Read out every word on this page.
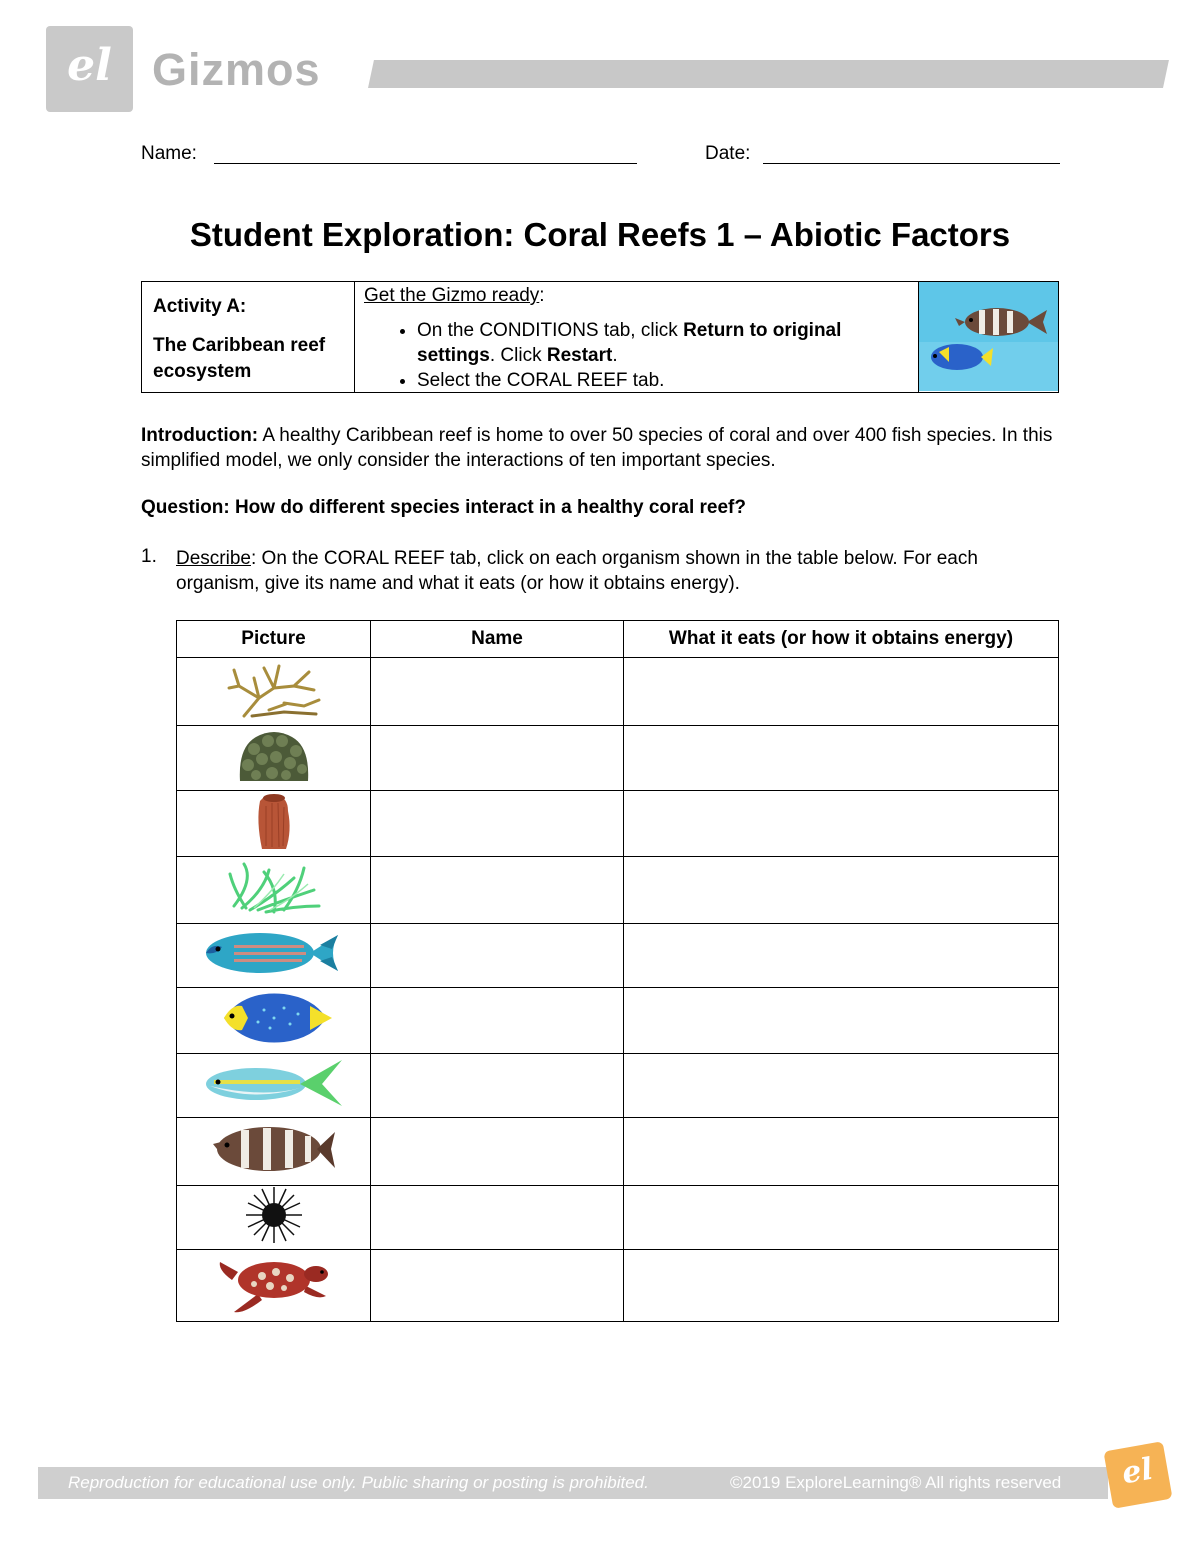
el Gizmos
Name:	Date:
Student Exploration: Coral Reefs 1 – Abiotic Factors
Activity A:
The Caribbean reef ecosystem
Get the Gizmo ready:
• On the CONDITIONS tab, click Return to original settings. Click Restart.
• Select the CORAL REEF tab.

Introduction: A healthy Caribbean reef is home to over 50 species of coral and over 400 fish species. In this simplified model, we only consider the interactions of ten important species.

Question: How do different species interact in a healthy coral reef?
1. Describe: On the CORAL REEF tab, click on each organism shown in the table below. For each organism, give its name and what it eats (or how it obtains energy).

Picture	Name	What it eats (or how it obtains energy)

Reproduction for educational use only. Public sharing or posting is prohibited.	©2019 ExploreLearning® All rights reserved	el
